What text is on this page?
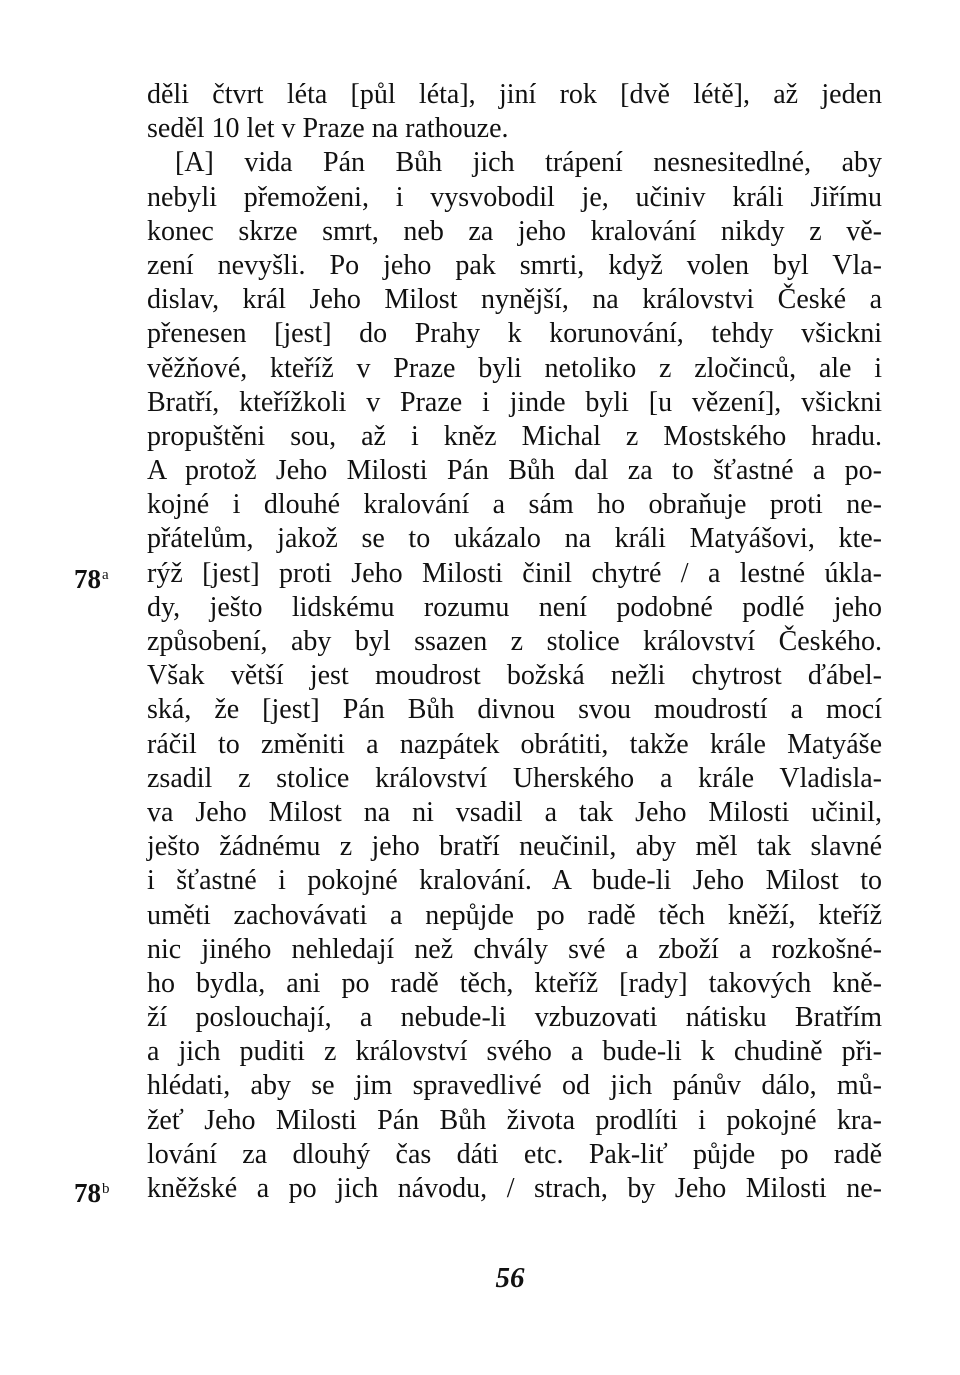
děli čtvrt léta [půl léta], jiní rok [dvě létě], až jeden
seděl 10 let v Praze na rathouze.
[A] vida Pán Bůh jich trápení nesnesitedlné, aby
nebyli přemoženi, i vysvobodil je, učiniv králi Jiřímu
konec skrze smrt, neb za jeho kralování nikdy z vě-
zení nevyšli. Po jeho pak smrti, když volen byl Vla-
dislav, král Jeho Milost nynější, na královstvi České a
přenesen [jest] do Prahy k korunování, tehdy všickni
věžňové, kteříž v Praze byli netoliko z zločinců, ale i
Bratří, kteřížkoli v Praze i jinde byli [u vězení], všickni
propuštěni sou, až i kněz Michal z Mostského hradu.
A protož Jeho Milosti Pán Bůh dal za to šťastné a po-
kojné i dlouhé kralování a sám ho obraňuje proti ne-
přátelům, jakož se to ukázalo na králi Matyášovi, kte-
rýž [jest] proti Jeho Milosti činil chytré / a lestné úkla-
dy, ješto lidskému rozumu není podobné podlé jeho
způsobení, aby byl ssazen z stolice království Českého.
Však větší jest moudrost božská nežli chytrost ďábel-
ská, že [jest] Pán Bůh divnou svou moudrostí a mocí
ráčil to změniti a nazpátek obrátiti, takže krále Matyáše
zsadil z stolice království Uherského a krále Vladisla-
va Jeho Milost na ni vsadil a tak Jeho Milosti učinil,
ješto žádnému z jeho bratří neučinil, aby měl tak slavné
i šťastné i pokojné kralování. A bude-li Jeho Milost to
uměti zachovávati a nepůjde po radě těch kněží, kteříž
nic jiného nehledají než chvály své a zboží a rozkošné-
ho bydla, ani po radě těch, kteříž [rady] takových kně-
ží poslouchají, a nebude-li vzbuzovati nátisku Bratřím
a jich puditi z království svého a bude-li k chudině při-
hlédati, aby se jim spravedlivé od jich pánův dálo, mů-
žeť Jeho Milosti Pán Bůh života prodlíti i pokojné kra-
lování za dlouhý čas dáti etc. Pak-liť půjde po radě
kněžské a po jich návodu, / strach, by Jeho Milosti ne-
78$^a$
78$^b$
56
